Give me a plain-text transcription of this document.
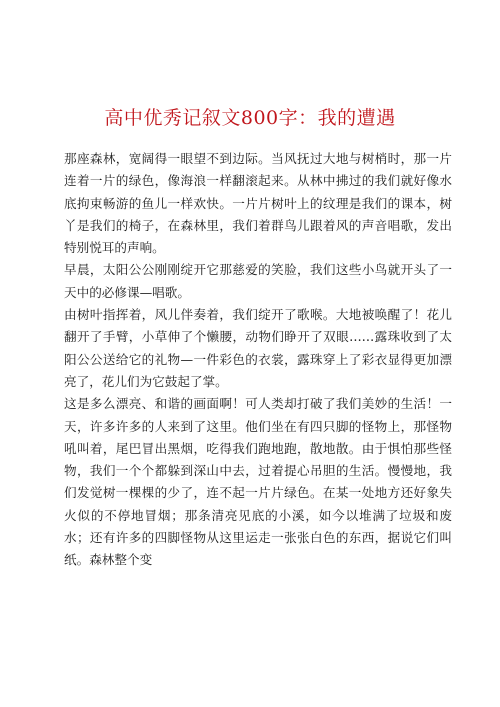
高中优秀记叙文800字：我的遭遇

那座森林，宽阔得一眼望不到边际。当风抚过大地与树梢时，那一片连着一片的绿色，像海浪一样翻滚起来。从林中拂过的我们就好像水底拘束畅游的鱼儿一样欢快。一片片树叶上的纹理是我们的课本，树丫是我们的椅子，在森林里，我们着群鸟儿跟着风的声音唱歌，发出特别悦耳的声响。

早晨，太阳公公刚刚绽开它那慈爱的笑脸，我们这些小鸟就开头了一天中的必修课—唱歌。

由树叶指挥着，风儿伴奏着，我们绽开了歌喉。大地被唤醒了！花儿翻开了手臂，小草伸了个懒腰，动物们睁开了双眼……露珠收到了太阳公公送给它的礼物—一件彩色的衣裳，露珠穿上了彩衣显得更加漂亮了，花儿们为它鼓起了掌。

这是多么漂亮、和谐的画面啊！可人类却打破了我们美妙的生活！一天，许多许多的人来到了这里。他们坐在有四只脚的怪物上，那怪物吼叫着，尾巴冒出黑烟，吃得我们跑地跑，散地散。由于惧怕那些怪物，我们一个个都躲到深山中去，过着提心吊胆的生活。慢慢地，我们发觉树一棵棵的少了，连不起一片片绿色。在某一处地方还好象失火似的不停地冒烟；那条清亮见底的小溪，如今以堆满了垃圾和废水；还有许多的四脚怪物从这里运走一张张白色的东西，据说它们叫纸。森林整个变
